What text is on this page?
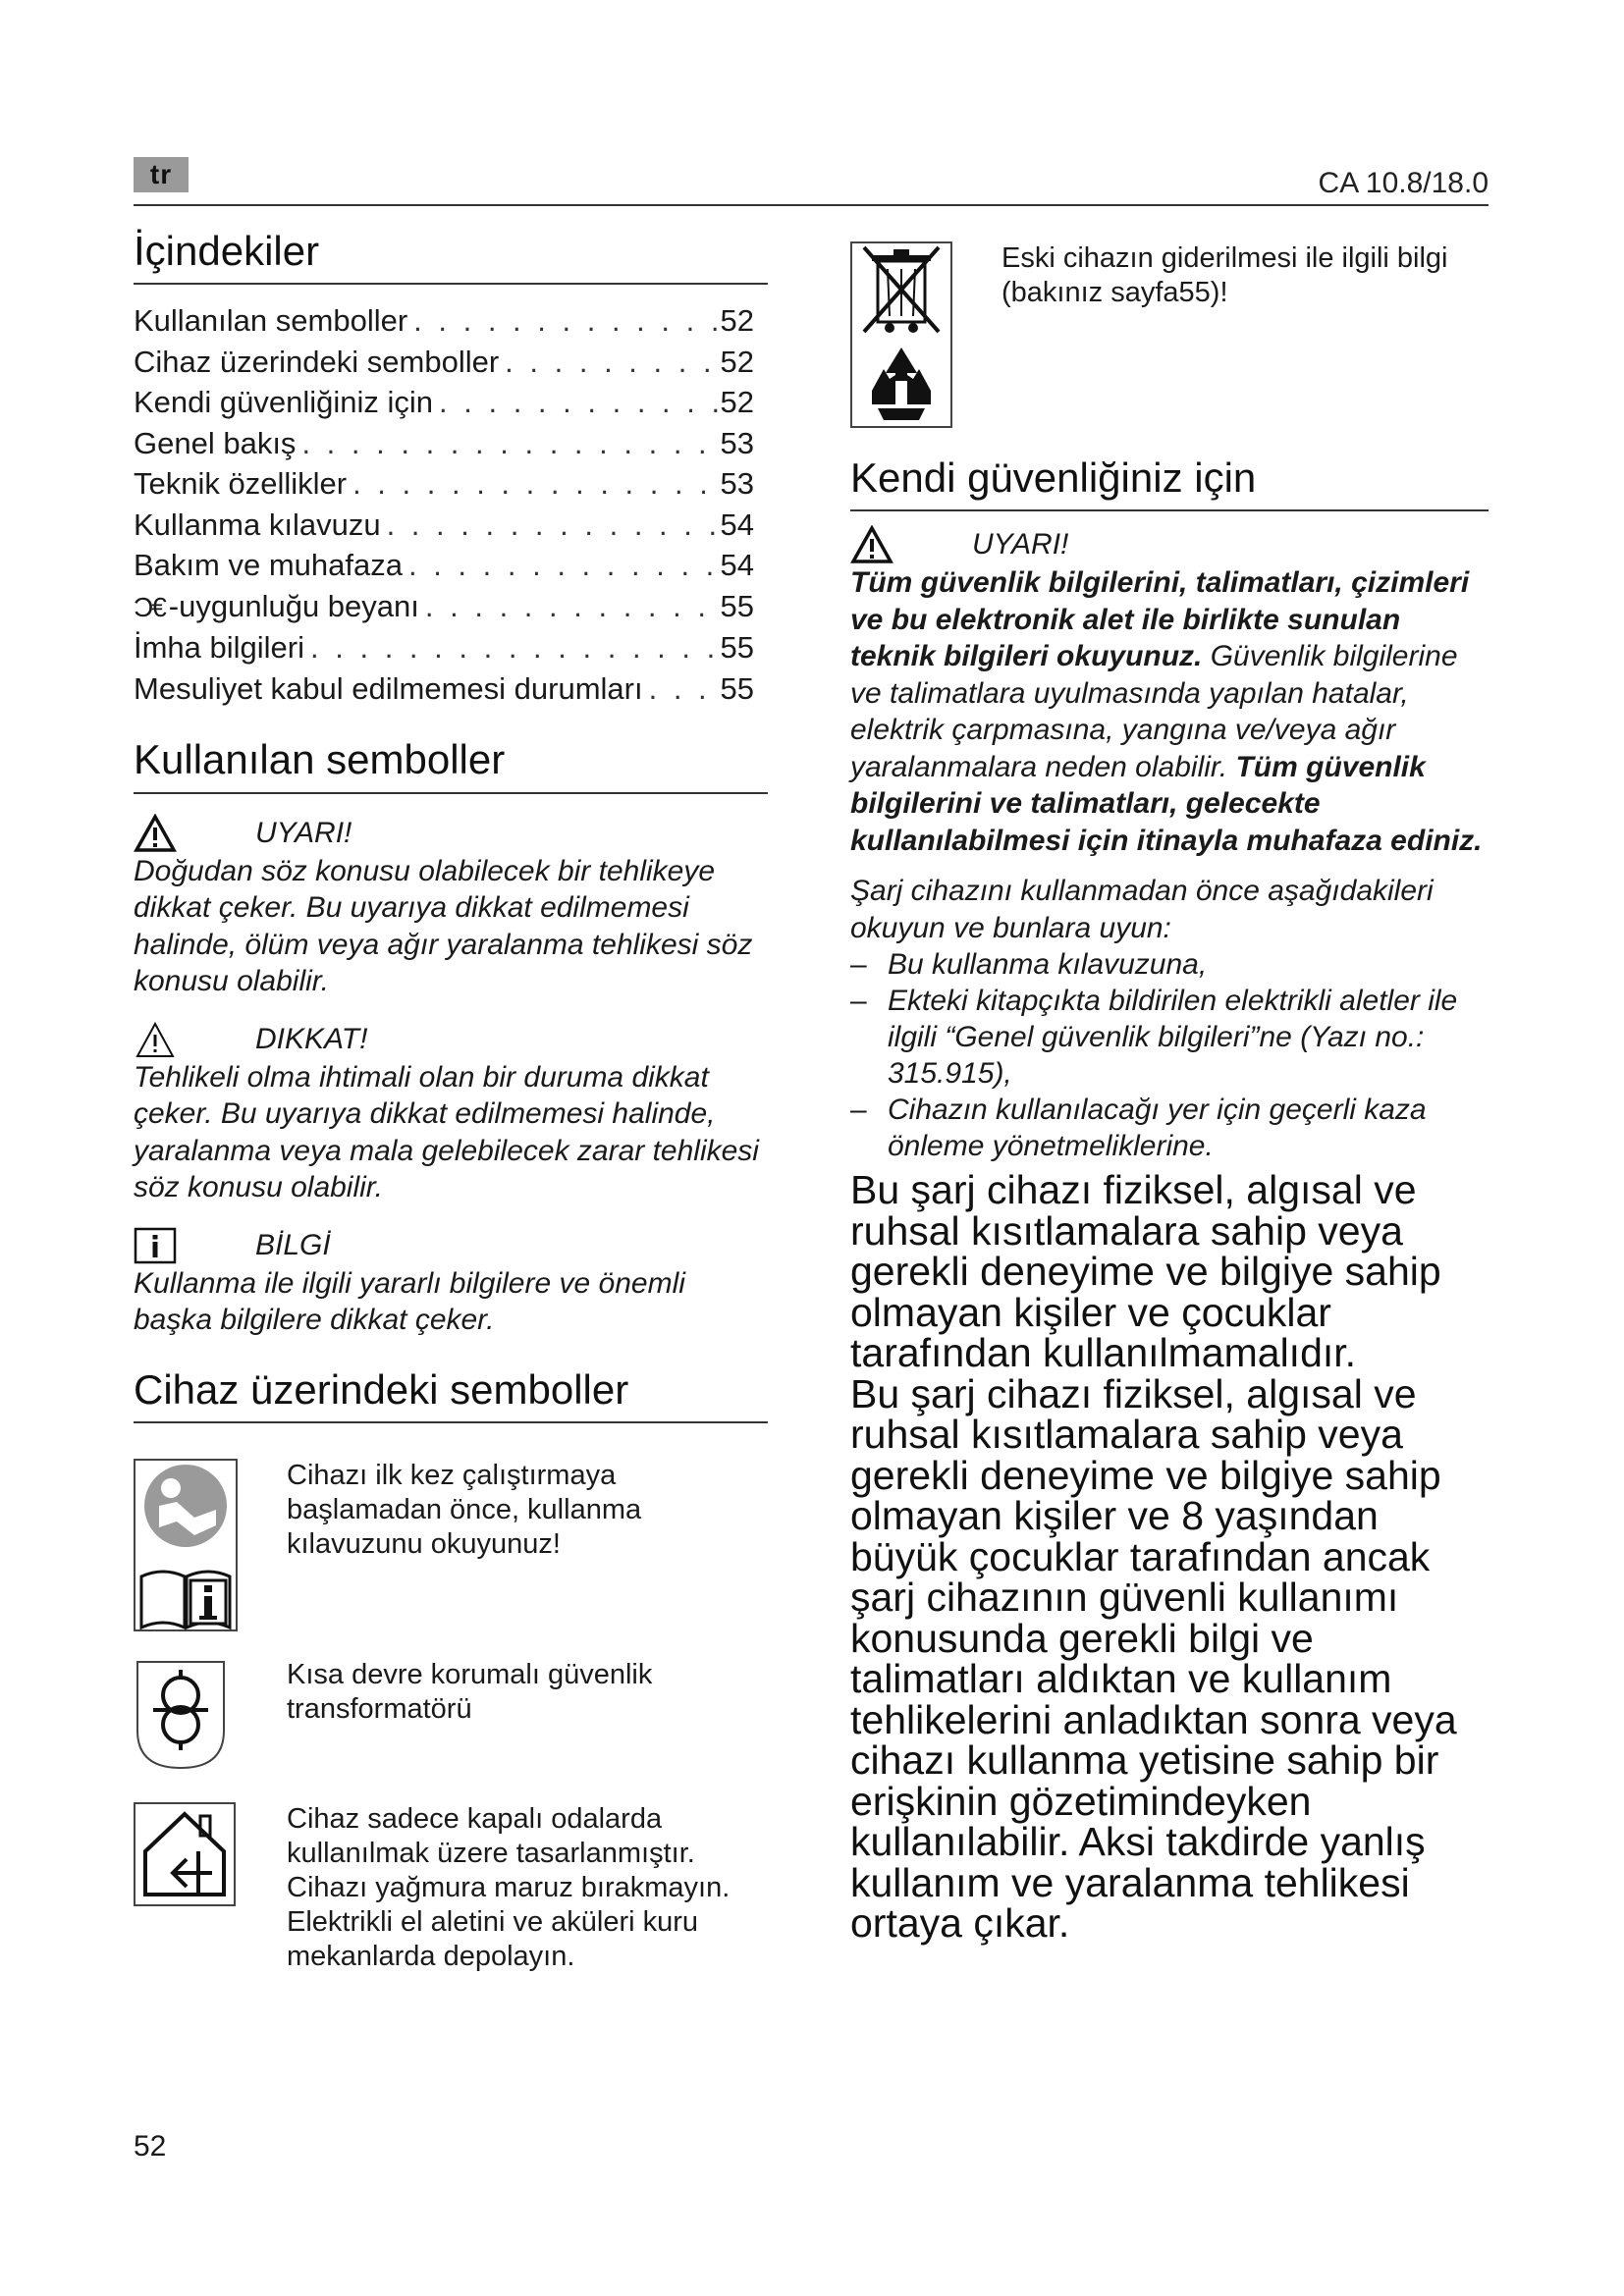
tr	CA 10.8/18.0
İçindekiler
Kullanılan semboller . . .	52
Cihaz üzerindeki semboller . . .	52
Kendi güvenliğiniz için . . .	52
Genel bakış . . .	53
Teknik özellikler . . .	53
Kullanma kılavuzu . . .	54
Bakım ve muhafaza . . .	54
Ɔ€ -uygunluğu beyanı . . .	55
İmha bilgileri . . .	55
Mesuliyet kabul edilmemesi durumları . . .	55
Kullanılan semboller
UYARI!

Doğudan söz konusu olabilecek bir tehlikeye dikkat çeker. Bu uyarıya dikkat edilmemesi halinde, ölüm veya ağır yaralanma tehlikesi söz konusu olabilir.

DIKKAT!

Tehlikeli olma ihtimali olan bir duruma dikkat çeker. Bu uyarıya dikkat edilmemesi halinde, yaralanma veya mala gelebilecek zarar tehlikesi söz konusu olabilir.

BİLGİ

Kullanma ile ilgili yararlı bilgilere ve önemli başka bilgilere dikkat çeker.

Cihaz üzerindeki semboller
Cihazı ilk kez çalıştırmaya başlamadan önce, kullanma kılavuzunu okuyunuz!
Kısa devre korumalı güvenlik transformatörü
Cihaz sadece kapalı odalarda kullanılmak üzere tasarlanmıştır. Cihazı yağmura maruz bırakmayın. Elektrikli el aletini ve aküleri kuru mekanlarda depolayın.
Eski cihazın giderilmesi ile ilgili bilgi (bakınız sayfa55)!
Kendi güvenliğiniz için
UYARI!

Tüm güvenlik bilgilerini, talimatları, çizimleri ve bu elektronik alet ile birlikte sunulan teknik bilgileri okuyunuz. Güvenlik bilgilerine ve talimatlara uyulmasında yapılan hatalar, elektrik çarpmasına, yangına ve/veya ağır yaralanmalara neden olabilir. Tüm güvenlik bilgilerini ve talimatları, gelecekte kullanılabilmesi için itinayla muhafaza ediniz.

Şarj cihazını kullanmadan önce aşağıdakileri okuyun ve bunlara uyun:

– Bu kullanma kılavuzuna,
– Ekteki kitapçıkta bildirilen elektrikli aletler ile ilgili “Genel güvenlik bilgileri”ne (Yazı no.: 315.915),
– Cihazın kullanılacağı yer için geçerli kaza önleme yönetmeliklerine.

Bu şarj cihazı fiziksel, algısal ve ruhsal kısıtlamalara sahip veya gerekli deneyime ve bilgiye sahip olmayan kişiler ve çocuklar tarafından kullanılmamalıdır.

Bu şarj cihazı fiziksel, algısal ve ruhsal kısıtlamalara sahip veya gerekli deneyime ve bilgiye sahip olmayan kişiler ve 8 yaşından büyük çocuklar tarafından ancak şarj cihazının güvenli kullanımı konusunda gerekli bilgi ve talimatları aldıktan ve kullanım tehlikelerini anladıktan sonra veya cihazı kullanma yetisine sahip bir erişkinin gözetimindeyken kullanılabilir. Aksi takdirde yanlış kullanım ve yaralanma tehlikesi ortaya çıkar.

52
